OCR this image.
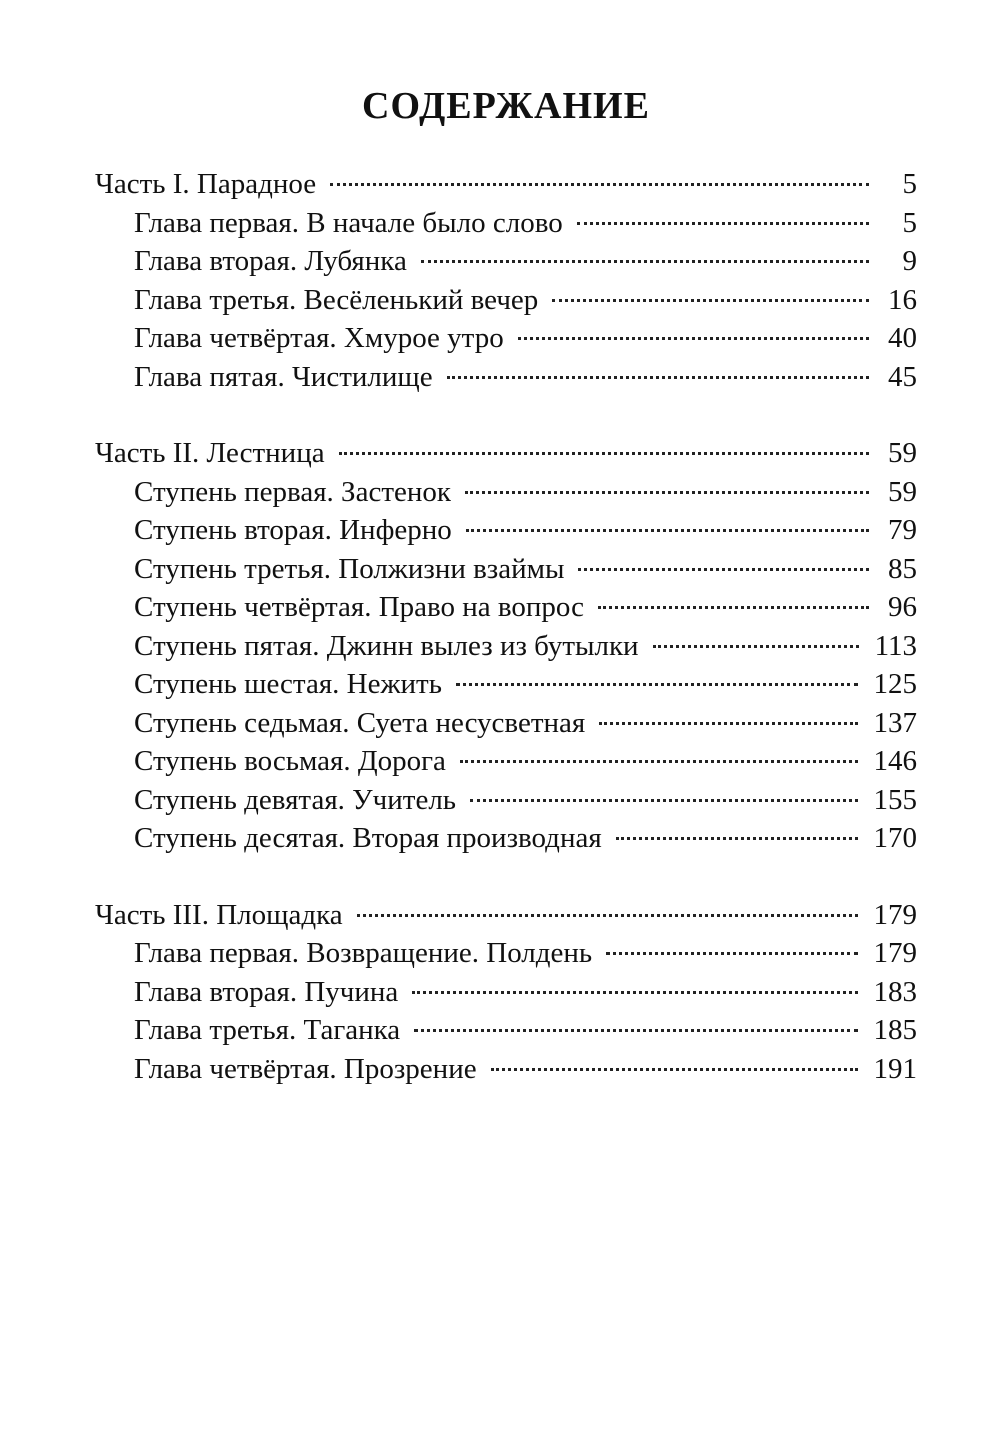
СОДЕРЖАНИЕ
Часть I. Парадное	5
Глава первая. В начале было слово	5
Глава вторая. Лубянка	9
Глава третья. Весёленький вечер	16
Глава четвёртая. Хмурое утро	40
Глава пятая. Чистилище	45
Часть II. Лестница	59
Ступень первая. Застенок	59
Ступень вторая. Инферно	79
Ступень третья. Полжизни взаймы	85
Ступень четвёртая. Право на вопрос	96
Ступень пятая. Джинн вылез из бутылки	113
Ступень шестая. Нежить	125
Ступень седьмая. Суета несусветная	137
Ступень восьмая. Дорога	146
Ступень девятая. Учитель	155
Ступень десятая. Вторая производная	170
Часть III. Площадка	179
Глава первая. Возвращение. Полдень	179
Глава вторая. Пучина	183
Глава третья. Таганка	185
Глава четвёртая. Прозрение	191
